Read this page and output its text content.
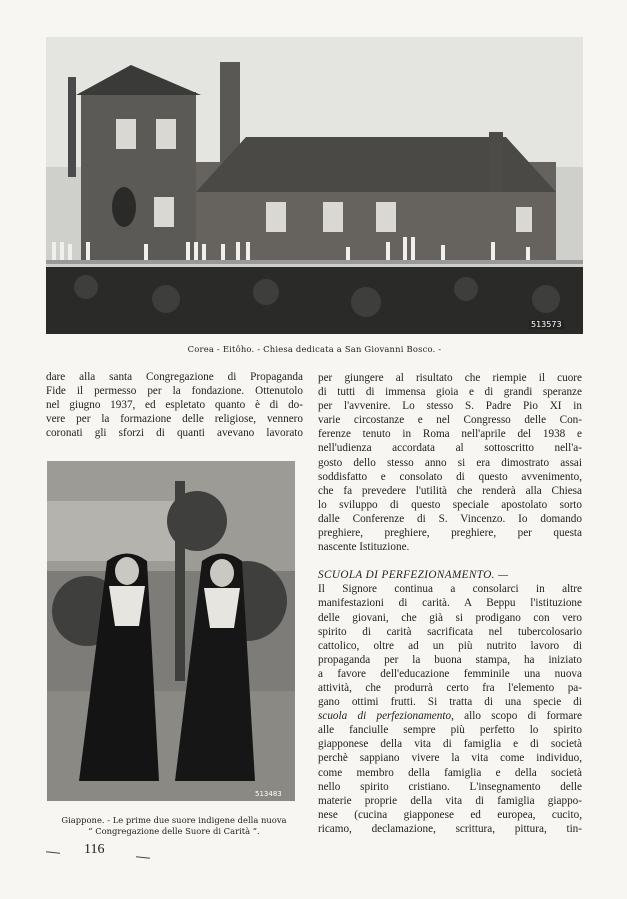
513573
Corea - Eitôho. - Chiesa dedicata a San Giovanni Bosco. -
dare alla santa Congregazione di Propaganda
Fide il permesso per la fondazione. Ottenutolo
nel giugno 1937, ed espletato quanto è di do-
vere per la formazione delle religiose, vennero
coronati gli sforzi di quanti avevano lavorato
513483
Giappone. - Le prime due suore indigene della nuova
“ Congregazione delle Suore di Carità ”.

per giungere al risultato che riempie il cuore
di tutti di immensa gioia e di grandi speranze
per l'avvenire. Lo stesso S. Padre Pio XI in
varie circostanze e nel Congresso delle Con-
ferenze tenuto in Roma nell'aprile del 1938 e
nell'udienza accordata al sottoscritto nell'a-
gosto dello stesso anno si era dimostrato assai
soddisfatto e consolato di questo avvenimento,
che fa prevedere l'utilità che renderà alla Chiesa
lo sviluppo di questo speciale apostolato sorto
dalle Conferenze di S. Vincenzo. Io domando
preghiere, preghiere, preghiere, per questa
nascente Istituzione.

SCUOLA DI PERFEZIONAMENTO. —
Il Signore continua a consolarci in altre
manifestazioni di carità. A Beppu l'istituzione
delle giovani, che già si prodigano con vero
spirito di carità sacrificata nel tubercolosario
cattolico, oltre ad un più nutrito lavoro di
propaganda per la buona stampa, ha iniziato
a favore dell'educazione femminile una nuova
attività, che produrrà certo fra l'elemento pa-
gano ottimi frutti. Si tratta di una specie di
scuola di perfezionamento, allo scopo di formare
alle fanciulle sempre più perfetto lo spirito
giapponese della vita di famiglia e di società
perchè sappiano vivere la vita come individuo,
come membro della famiglia e della società
nello spirito cristiano. L'insegnamento delle
materie proprie della vita di famiglia giappo-
nese (cucina giapponese ed europea, cucito,
ricamo, declamazione, scrittura, pittura, tin-

116
